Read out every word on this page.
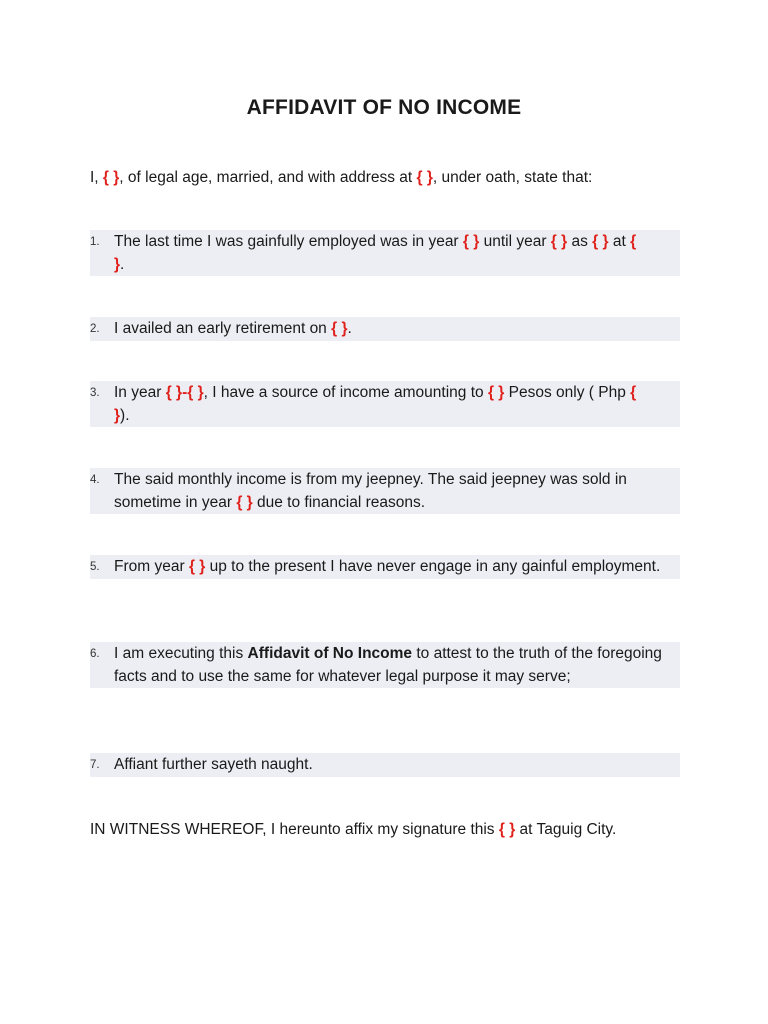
AFFIDAVIT OF NO INCOME
I, { }, of legal age, married, and with address at { }, under oath, state that:
1. The last time I was gainfully employed was in year { } until year { } as { } at {
}.
2. I availed an early retirement on { }.
3. In year { }-{ }, I have a source of income amounting to { } Pesos only ( Php {
}).
4. The said monthly income is from my jeepney. The said jeepney was sold in sometime in year { } due to financial reasons.
5. From year { } up to the present I have never engage in any gainful employment.
6. I am executing this Affidavit of No Income to attest to the truth of the foregoing facts and to use the same for whatever legal purpose it may serve;
7. Affiant further sayeth naught.
IN WITNESS WHEREOF, I hereunto affix my signature this { } at Taguig City.
